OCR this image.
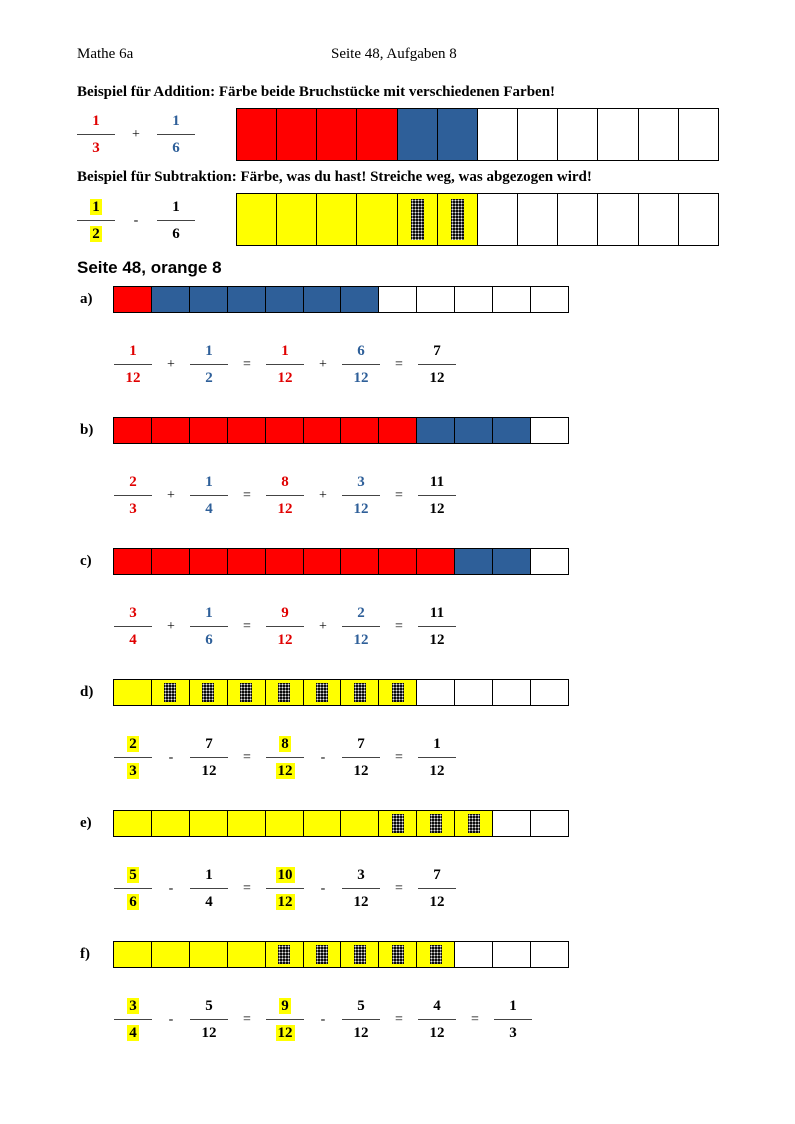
Mathe 6a	Seite 48, Aufgaben 8
Beispiel für Addition: Färbe beide Bruchstücke mit verschiedenen Farben!
$\frac{1}{3}$	+	$\frac{1}{6}$
Beispiel für Subtraktion: Färbe, was du hast! Streiche weg, was abgezogen wird!
$\frac{1}{2}$	-	$\frac{1}{6}$
Seite 48, orange 8
a)
$\frac{1}{12}$	+	$\frac{1}{2}$	=	$\frac{1}{12}$	+	$\frac{6}{12}$	=	$\frac{7}{12}$
b)
$\frac{2}{3}$	+	$\frac{1}{4}$	=	$\frac{8}{12}$	+	$\frac{3}{12}$	=	$\frac{11}{12}$
c)
$\frac{3}{4}$	+	$\frac{1}{6}$	=	$\frac{9}{12}$	+	$\frac{2}{12}$	=	$\frac{11}{12}$
d)
$\frac{2}{3}$	-	$\frac{7}{12}$	=	$\frac{8}{12}$	-	$\frac{7}{12}$	=	$\frac{1}{12}$
e)
$\frac{5}{6}$	-	$\frac{1}{4}$	=	$\frac{10}{12}$	-	$\frac{3}{12}$	=	$\frac{7}{12}$
f)
$\frac{3}{4}$	-	$\frac{5}{12}$	=	$\frac{9}{12}$	-	$\frac{5}{12}$	=	$\frac{4}{12}$	=	$\frac{1}{3}$
